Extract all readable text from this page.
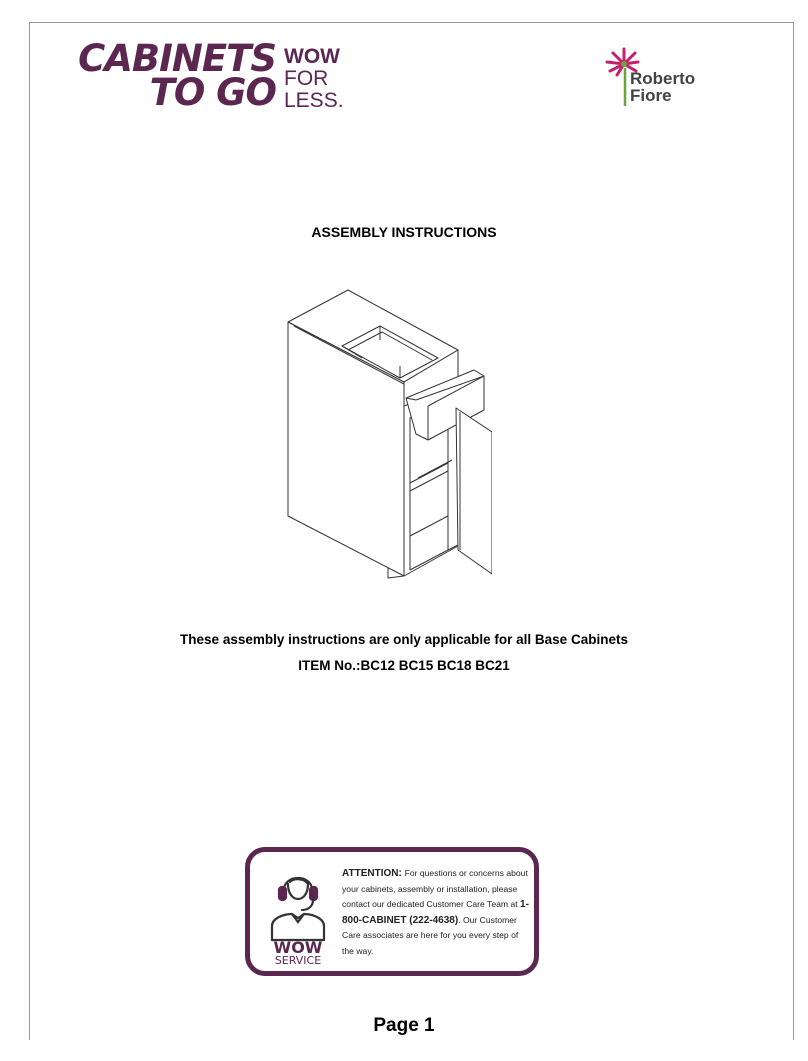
CABINETS
TO GO
WOW
FOR
LESS.
Roberto
Fiore
ASSEMBLY INSTRUCTIONS
These assembly instructions are only applicable for all Base Cabinets
ITEM No.:BC12 BC15 BC18 BC21
WOW
SERVICE
ATTENTION: For questions or concerns about your cabinets, assembly or installation, please contact our dedicated Customer Care Team at 1-800-CABINET (222-4638). Our Customer Care associates are here for you every step of the way.
Page 1
